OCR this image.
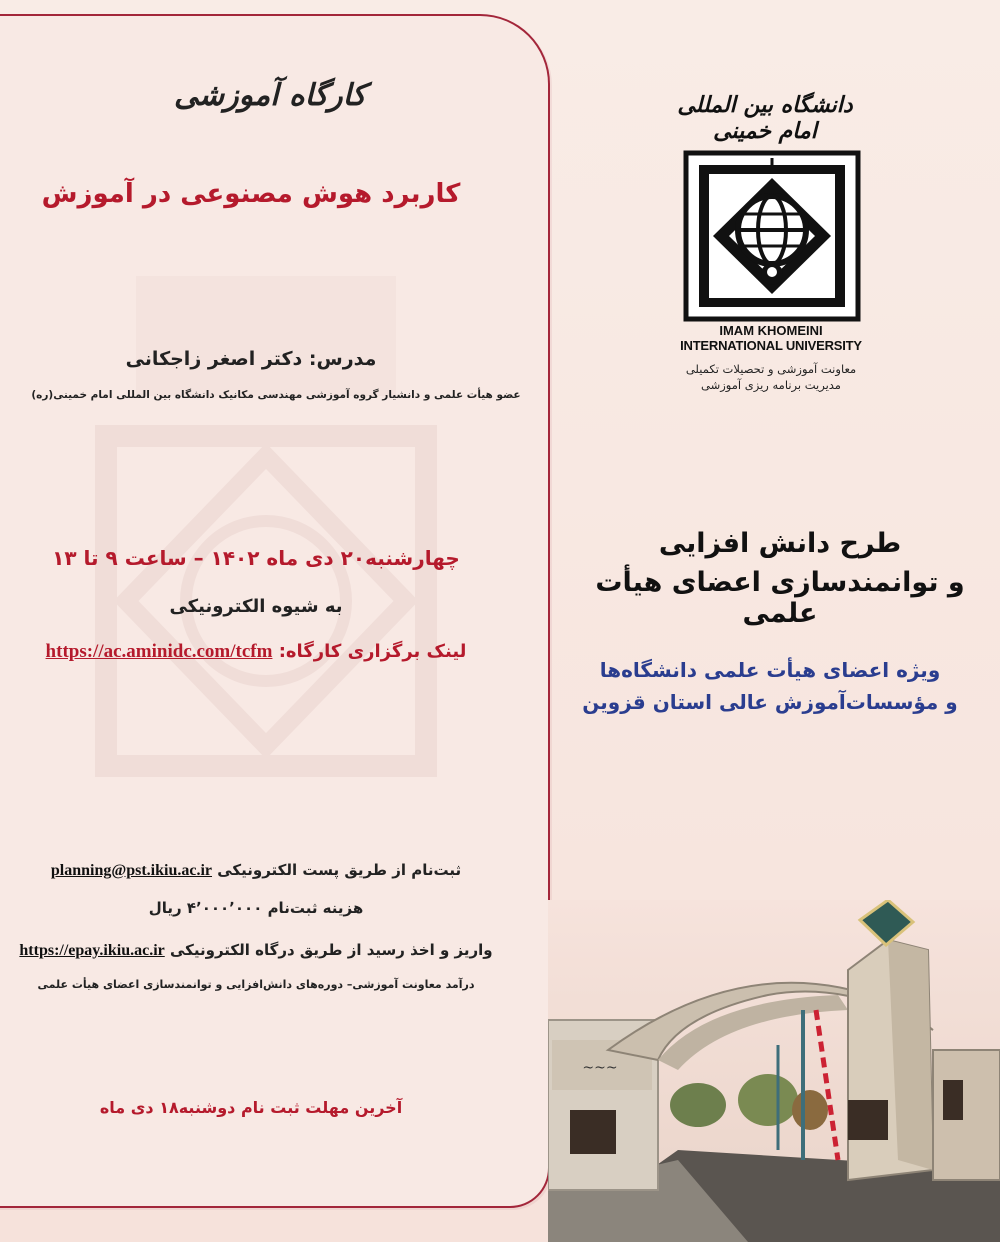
کارگاه آموزشی
کاربرد هوش مصنوعی در آموزش
مدرس: دکتر اصغر زاجکانی
عضو هیأت علمی و دانشیار گروه آموزشی مهندسی مکانیک دانشگاه بین المللی امام خمینی(ره)
چهارشنبه۲۰ دی ماه ۱۴۰۲ – ساعت ۹ تا ۱۳
به شیوه الکترونیکی
لینک برگزاری کارگاه: https://ac.aminidc.com/tcfm
ثبت‌نام از طریق پست الکترونیکی planning@pst.ikiu.ac.ir
هزینه ثبت‌نام ۴٬۰۰۰٬۰۰۰ ریال
واریز و اخذ رسید از طریق درگاه الکترونیکی https://epay.ikiu.ac.ir
درآمد معاونت آموزشی– دوره‌های دانش‌افزایی و توانمندسازی اعضای هیأت علمی
آخرین مهلت ثبت نام دوشنبه۱۸ دی ماه
دانشگاه بین المللی امام خمینی
IMAM KHOMEINI
INTERNATIONAL UNIVERSITY
معاونت آموزشی و تحصیلات تکمیلی
مدیریت برنامه ریزی آموزشی
طرح دانش افزایی
و توانمندسازی اعضای هیأت علمی
ویژه اعضای هیأت علمی دانشگاه‌ها
و مؤسسات‌آموزش عالی استان قزوین
~~~
